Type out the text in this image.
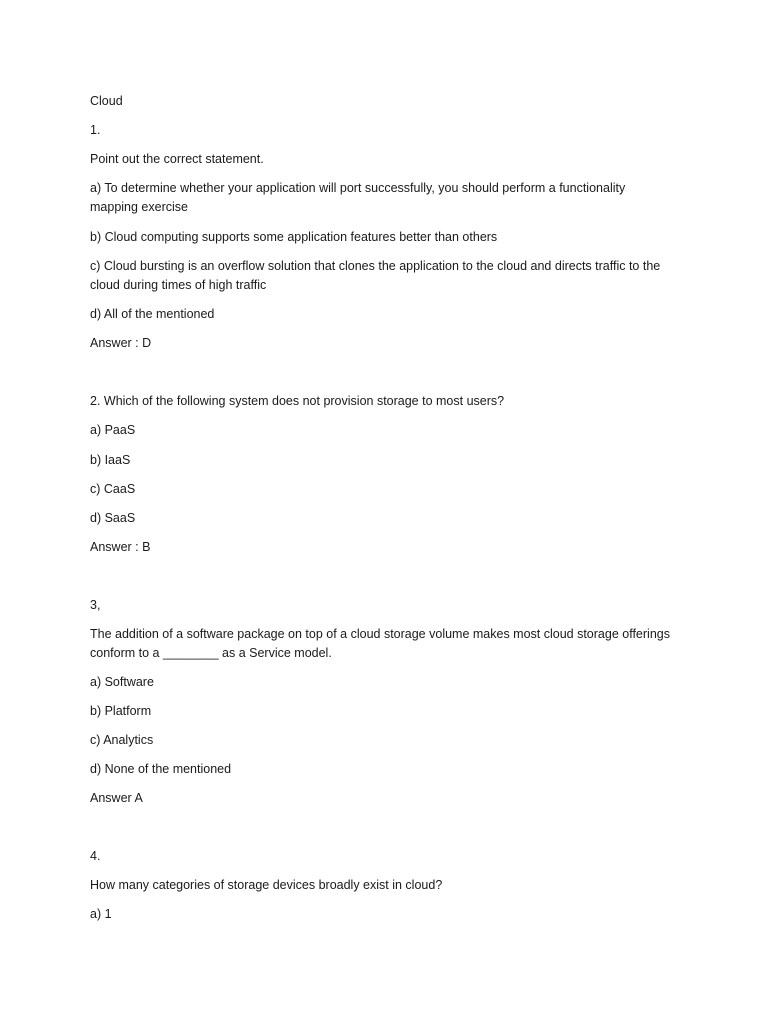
Cloud
1.
Point out the correct statement.
a) To determine whether your application will port successfully, you should perform a functionality
mapping exercise
b) Cloud computing supports some application features better than others
c) Cloud bursting is an overflow solution that clones the application to the cloud and directs traffic to the
cloud during times of high traffic
d) All of the mentioned
Answer : D
2. Which of the following system does not provision storage to most users?
a) PaaS
b) IaaS
c) CaaS
d) SaaS
Answer : B
3,
The addition of a software package on top of a cloud storage volume makes most cloud storage offerings
conform to a ________ as a Service model.
a) Software
b) Platform
c) Analytics
d) None of the mentioned
Answer A
4.
How many categories of storage devices broadly exist in cloud?
a) 1
